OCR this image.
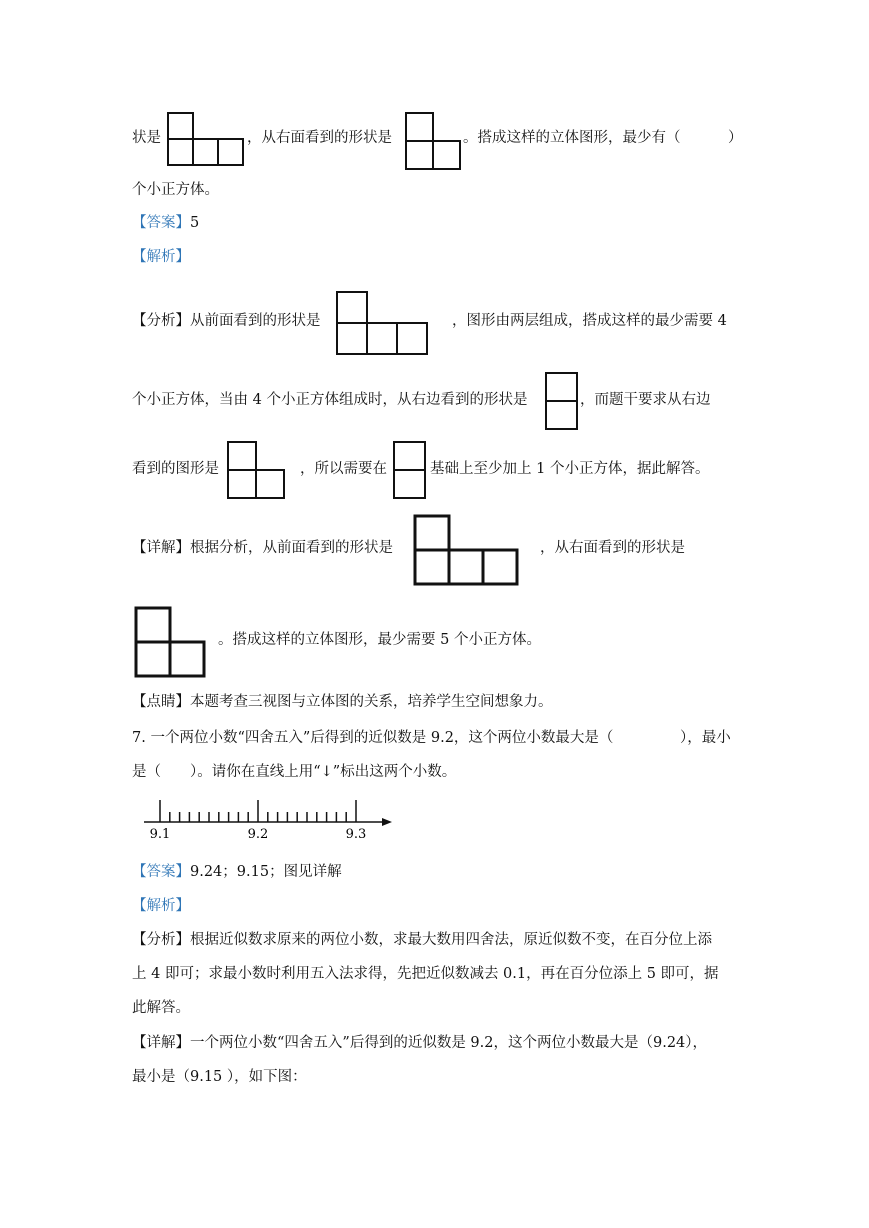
状是	，从右面看到的形状是	。搭成这样的立体图形，最少有（	）
个小正方体。
【答案】5
【解析】
【分析】从前面看到的形状是	，图形由两层组成，搭成这样的最少需要 4
个小正方体，当由 4 个小正方体组成时，从右边看到的形状是	，而题干要求从右边
看到的图形是	，所以需要在	基础上至少加上 1 个小正方体，据此解答。
【详解】根据分析，从前面看到的形状是	，从右面看到的形状是
。搭成这样的立体图形，最少需要 5 个小正方体。
【点睛】本题考查三视图与立体图的关系，培养学生空间想象力。
7. 一个两位小数“四舍五入”后得到的近似数是 9.2，这个两位小数最大是（	），最小
是（　　）。请你在直线上用“↓”标出这两个小数。
9.1	9.2	9.3
【答案】9.24；9.15；图见详解
【解析】
【分析】根据近似数求原来的两位小数，求最大数用四舍法，原近似数不变，在百分位上添
上 4 即可；求最小数时利用五入法求得，先把近似数减去 0.1，再在百分位添上 5 即可，据
此解答。
【详解】一个两位小数“四舍五入”后得到的近似数是 9.2，这个两位小数最大是（9.24），
最小是（9.15 ），如下图：
